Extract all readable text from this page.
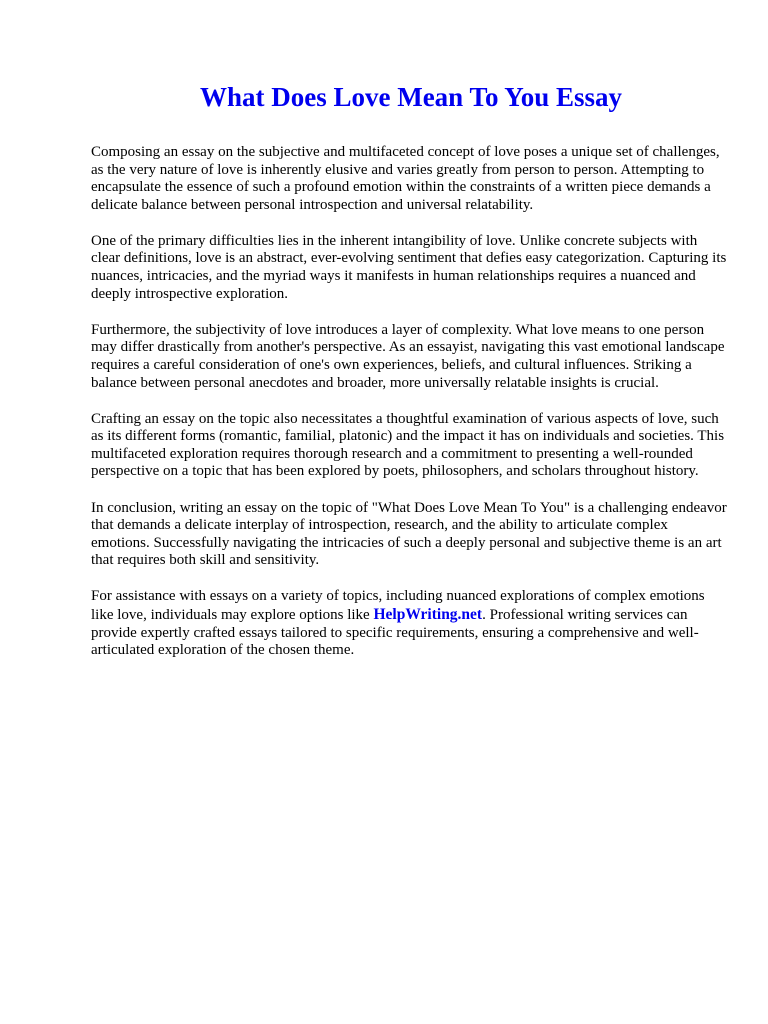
What Does Love Mean To You Essay

Composing an essay on the subjective and multifaceted concept of love poses a unique set of challenges, as the very nature of love is inherently elusive and varies greatly from person to person. Attempting to encapsulate the essence of such a profound emotion within the constraints of a written piece demands a delicate balance between personal introspection and universal relatability.

One of the primary difficulties lies in the inherent intangibility of love. Unlike concrete subjects with clear definitions, love is an abstract, ever-evolving sentiment that defies easy categorization. Capturing its nuances, intricacies, and the myriad ways it manifests in human relationships requires a nuanced and deeply introspective exploration.

Furthermore, the subjectivity of love introduces a layer of complexity. What love means to one person may differ drastically from another's perspective. As an essayist, navigating this vast emotional landscape requires a careful consideration of one's own experiences, beliefs, and cultural influences. Striking a balance between personal anecdotes and broader, more universally relatable insights is crucial.

Crafting an essay on the topic also necessitates a thoughtful examination of various aspects of love, such as its different forms (romantic, familial, platonic) and the impact it has on individuals and societies. This multifaceted exploration requires thorough research and a commitment to presenting a well-rounded perspective on a topic that has been explored by poets, philosophers, and scholars throughout history.

In conclusion, writing an essay on the topic of "What Does Love Mean To You" is a challenging endeavor that demands a delicate interplay of introspection, research, and the ability to articulate complex emotions. Successfully navigating the intricacies of such a deeply personal and subjective theme is an art that requires both skill and sensitivity.

For assistance with essays on a variety of topics, including nuanced explorations of complex emotions like love, individuals may explore options like HelpWriting.net. Professional writing services can provide expertly crafted essays tailored to specific requirements, ensuring a comprehensive and well-articulated exploration of the chosen theme.
